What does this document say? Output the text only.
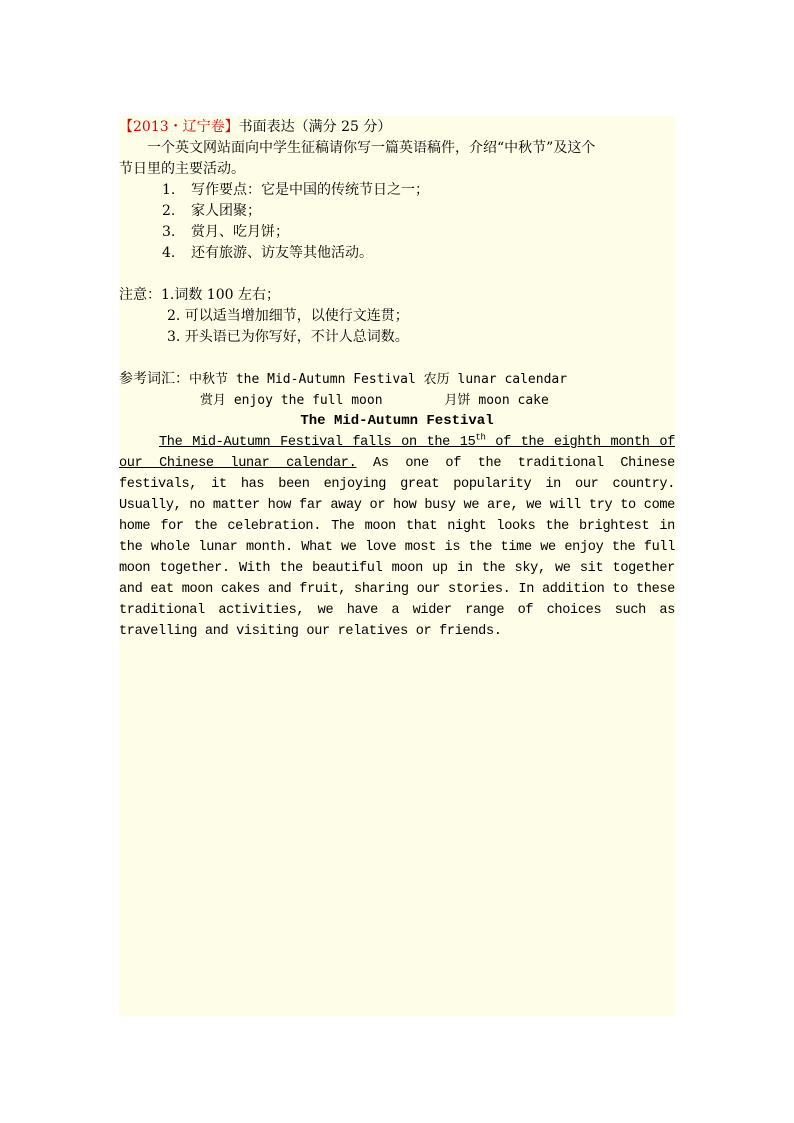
【2013・辽宁卷】书面表达（满分 25 分）
一个英文网站面向中学生征稿请你写一篇英语稿件，介绍“中秋节”及这个
节日里的主要活动。
1. 写作要点：它是中国的传统节日之一；
2. 家人团聚；
3. 赏月、吃月饼；
4. 还有旅游、访友等其他活动。
注意：1.词数 100 左右；
2. 可以适当增加细节，以使行文连贯；
3. 开头语已为你写好，不计人总词数。
参考词汇：中秋节 the Mid-Autumn Festival 农历 lunar calendar
赏月 enjoy the full moon	月饼 moon cake
The Mid-Autumn Festival

The Mid-Autumn Festival falls on the 15th of the eighth month of our Chinese lunar calendar. As one of the traditional Chinese festivals, it has been enjoying great popularity in our country. Usually, no matter how far away or how busy we are, we will try to come home for the celebration. The moon that night looks the brightest in the whole lunar month. What we love most is the time we enjoy the full moon together. With the beautiful moon up in the sky, we sit together and eat moon cakes and fruit, sharing our stories. In addition to these traditional activities, we have a wider range of choices such as travelling and visiting our relatives or friends.
